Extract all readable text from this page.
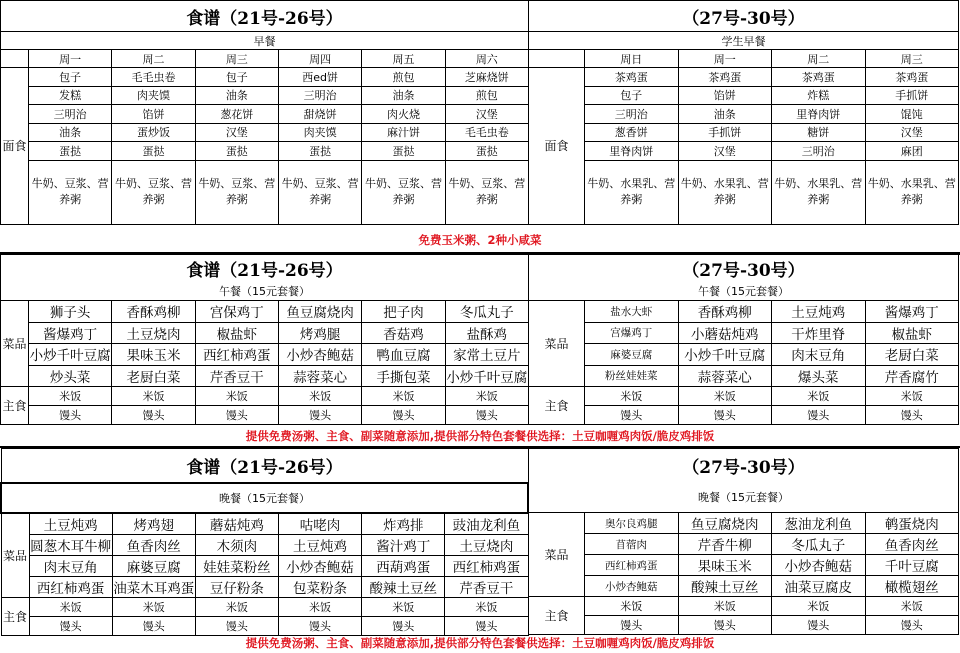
食谱（21号-26号）						
早餐						
	周一	周二	周三	周四	周五	周六
面食	包子	毛毛虫卷	包子	西ed饼	煎包	芝麻烧饼
	发糕	肉夹馍	油条	三明治	油条	煎包
	三明治	馅饼	葱花饼	甜烧饼	肉火烧	汉堡
	油条	蛋炒饭	汉堡	肉夹馍	麻汁饼	毛毛虫卷
	蛋挞	蛋挞	蛋挞	蛋挞	蛋挞	蛋挞
	牛奶、豆浆、营养粥	牛奶、豆浆、营养粥	牛奶、豆浆、营养粥	牛奶、豆浆、营养粥	牛奶、豆浆、营养粥	牛奶、豆浆、营养粥
（27号-30号）				
学生早餐				
	周日	周一	周二	周三
面食	茶鸡蛋	茶鸡蛋	茶鸡蛋	茶鸡蛋
	包子	馅饼	炸糕	手抓饼
	三明治	油条	里脊肉饼	馄饨
	葱香饼	手抓饼	糖饼	汉堡
	里脊肉饼	汉堡	三明治	麻团
	牛奶、水果乳、营养粥	牛奶、水果乳、营养粥	牛奶、水果乳、营养粥	牛奶、水果乳、营养粥
免费玉米粥、2种小咸菜
食谱（21号-26号）						
午餐（15元套餐）						
菜品	狮子头	香酥鸡柳	宫保鸡丁	鱼豆腐烧肉	把子肉	冬瓜丸子
	酱爆鸡丁	土豆烧肉	椒盐虾	烤鸡腿	香菇鸡	盐酥鸡
	小炒千叶豆腐	果味玉米	西红柿鸡蛋	小炒杏鲍菇	鸭血豆腐	家常土豆片
	炒头菜	老厨白菜	芹香豆干	蒜蓉菜心	手撕包菜	小炒千叶豆腐
主食	米饭	米饭	米饭	米饭	米饭	米饭
	馒头	馒头	馒头	馒头	馒头	馒头
（27号-30号）				
午餐（15元套餐）				
菜品	盐水大虾	香酥鸡柳	土豆炖鸡	酱爆鸡丁
	宫爆鸡丁	小蘑菇炖鸡	干炸里脊	椒盐虾
	麻婆豆腐	小炒千叶豆腐	肉末豆角	老厨白菜
	粉丝娃娃菜	蒜蓉菜心	爆头菜	芹香腐竹
主食	米饭	米饭	米饭	米饭
	馒头	馒头	馒头	馒头
提供免费汤粥、主食、副菜随意添加,提供部分特色套餐供选择：土豆咖喱鸡肉饭/脆皮鸡排饭
食谱（21号-26号）						
晚餐（15元套餐）						
菜品	土豆炖鸡	烤鸡翅	蘑菇炖鸡	咕咾肉	炸鸡排	豉油龙利鱼
	圆葱木耳牛柳	鱼香肉丝	木须肉	土豆炖鸡	酱汁鸡丁	土豆烧肉
	肉末豆角	麻婆豆腐	娃娃菜粉丝	小炒杏鲍菇	西葫鸡蛋	西红柿鸡蛋
	西红柿鸡蛋	油菜木耳鸡蛋	豆仔粉条	包菜粉条	酸辣土豆丝	芹香豆干
主食	米饭	米饭	米饭	米饭	米饭	米饭
	馒头	馒头	馒头	馒头	馒头	馒头
（27号-30号）				
晚餐（15元套餐）				
菜品	奥尔良鸡腿	鱼豆腐烧肉	葱油龙利鱼	鹌蛋烧肉
	苜蓿肉	芹香牛柳	冬瓜丸子	鱼香肉丝
	西红柿鸡蛋	果味玉米	小炒杏鲍菇	千叶豆腐
	小炒杏鲍菇	酸辣土豆丝	油菜豆腐皮	橄榄翅丝
主食	米饭	米饭	米饭	米饭
	馒头	馒头	馒头	馒头
提供免费汤粥、主食、副菜随意添加,提供部分特色套餐供选择：土豆咖喱鸡肉饭/脆皮鸡排饭
